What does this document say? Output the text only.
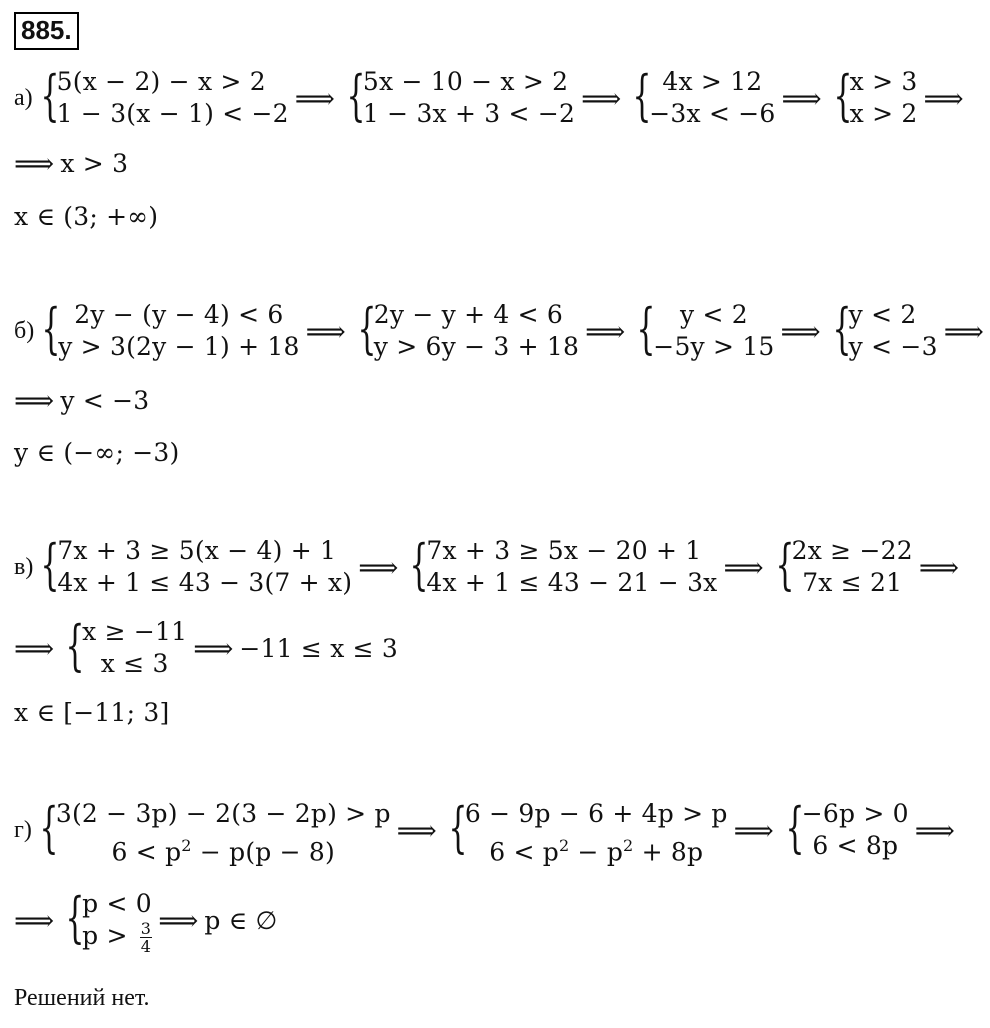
885.
а) {
5(x − 2) − x > 2
1 − 3(x − 1) < −2 ⟹ {
5x − 10 − x > 2
1 − 3x + 3 < −2 ⟹ { 4x > 12
−3x < −6 ⟹ {
x > 3
x > 2 ⟹
⟹ x > 3
x ∈ (3; +∞)
б) { 2y − (y − 4) < 6
y > 3(2y − 1) + 18 ⟹ {
2y − y + 4 < 6
y > 6y − 3 + 18 ⟹ { y < 2
−5y > 15 ⟹ {
y < 2
y < −3 ⟹
⟹ y < −3
y ∈ (−∞; −3)
в) {
7x + 3 ≥ 5(x − 4) + 1
4x + 1 ≤ 43 − 3(7 + x) ⟹ {
7x + 3 ≥ 5x − 20 + 1
4x + 1 ≤ 43 − 21 − 3x ⟹ {
2x ≥ −22
7x ≤ 21 ⟹
⟹ {
x ≥ −11
x ≤ 3 ⟹ −11 ≤ x ≤ 3
x ∈ [−11; 3]
г) {
3(2 − 3p) − 2(3 − 2p) > p
$6 < p^2 - p(p - 8)$
⟹ {
6 − 9p − 6 + 4p > p
$6 < p^2 - p^2 + 8p$
⟹ {
−6p > 0
6 < 8p ⟹
⟹ {
p < 0
$p > \frac{3}{4}$ ⟹ p ∈ ∅
Решений нет.
